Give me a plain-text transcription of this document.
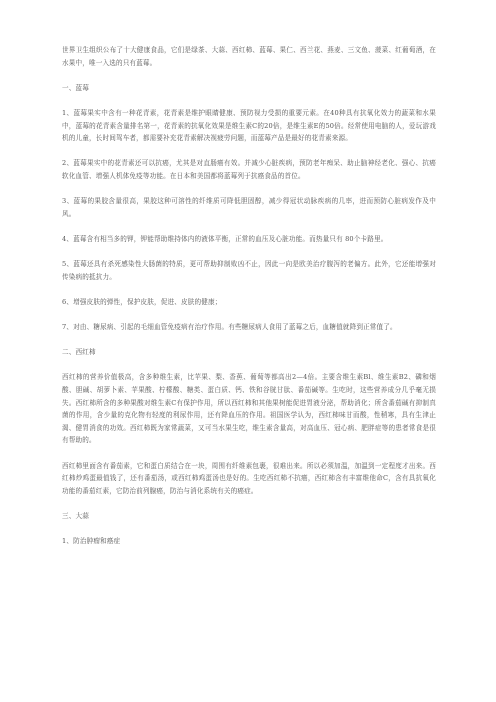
世界卫生组织公布了十大健康食品，它们是绿茶、大蒜、西红柿、蓝莓、果仁、西兰花、燕麦、三文鱼、菠菜、红葡萄酒，在水果中，唯一入选的只有蓝莓。

一、蓝莓

1、蓝莓果实中含有一种花青素，花青素是维护眼睛健康、预防视力受损的重要元素。在40种具有抗氧化效力的蔬菜和水果中，蓝莓的花青素含量排名第一，花青素的抗氧化效果是维生素C的20倍，是维生素E的50倍。经常使用电脑的人，爱玩游戏机的儿童，长时间驾车者，都需要补充花青素解决视疲劳问题，而蓝莓产品是最好的花青素来源。

2、蓝莓果实中的花青素还可以抗癌，尤其是对直肠癌有效。并减少心脏疾病，预防老年痴呆、助止脑神经老化、强心、抗癌软化血管、增强人机体免疫等功能。在日本和美国都将蓝莓列于抗癌食品的首位。

3、蓝莓的果胶含量很高，果胶这种可溶性的纤维质可降低胆固醇，减少得冠状动脉疾病的几率，进而预防心脏病发作及中风。

4、蓝莓含有相当多的钾，钾能帮助维持体内的液体平衡，正常的血压及心脏功能。而热量只有 80个卡路里。

5、蓝莓还具有杀死感染性大肠菌的特质，更可帮助抑制败凶不止，因此一向是欧美治疗腹泻的老偏方。此外，它还能增强对传染病的抵抗力。

6、增强皮肤的弹性，保护皮肤，促进、皮肤的健康；

7、对由、糖尿病、引起的毛细血管免疫病有治疗作用。有些糖尿病人食用了蓝莓之后，血糖值就降到正常值了。

二、西红柿

西红柿的营养价值极高，含多种维生素，比苹果、梨、香蕉、葡萄等都高出2—4倍。主要含维生素Bl、维生素B2、磷和烟酸、胆碱、胡萝卜素、苹果酸、柠檬酸、糖类、蛋白质、钙、铁和谷胱甘肽、番茄碱等。生吃时，这些营养成分几乎毫无损失。西红柿所含的多种果酸对维生素C有保护作用，所以西红柿和其他果树能促进胃液分泌，帮助消化；所含番茄碱有抑制真菌的作用，含少量的克化物有轻度的利尿作用，还有降血压的作用。祖国医学认为，西红柿味甘而酸，性稍寒，具有生津止渴、健胃消食的功效。西红柿既为家常蔬菜，又可当水果生吃，维生素含量高，对高血压、冠心病、肥胖症等的患者常食是很有帮助的。

西红柿里面含有番茄素，它和蛋白质结合在一块，周围有纤维素包裹，很难出来。所以必须加温，加温到一定程度才出来。西红柿炒鸡蛋最值钱了，还有番茄汤，或西红柿鸡蛋汤也是好的。生吃西红柿不抗癌，西红柿含有丰富维他命C，含有具抗氧化功能的番茄红素，它防治前列腺癌，防治与消化系统有关的癌症。

三、大蒜

1、防治肿瘤和癌症
